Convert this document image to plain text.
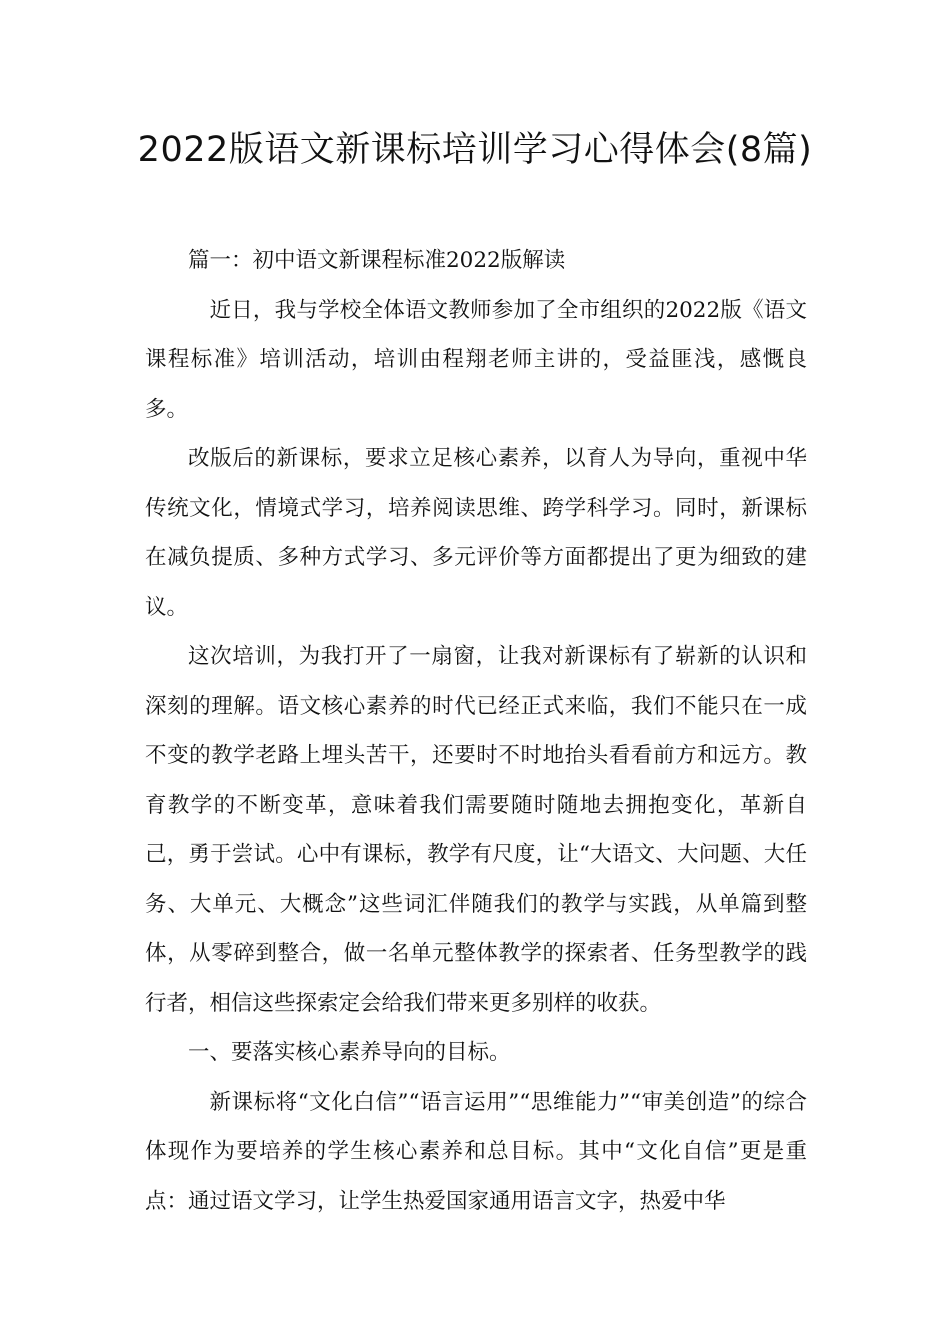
2022版语文新课标培训学习心得体会(8篇)

篇一：初中语文新课程标准2022版解读

近日，我与学校全体语文教师参加了全市组织的2022版《语文课程标准》培训活动，培训由程翔老师主讲的，受益匪浅，感慨良多。

改版后的新课标，要求立足核心素养，以育人为导向，重视中华传统文化，情境式学习，培养阅读思维、跨学科学习。同时，新课标在减负提质、多种方式学习、多元评价等方面都提出了更为细致的建议。

这次培训，为我打开了一扇窗，让我对新课标有了崭新的认识和深刻的理解。语文核心素养的时代已经正式来临，我们不能只在一成不变的教学老路上埋头苦干，还要时不时地抬头看看前方和远方。教育教学的不断变革，意味着我们需要随时随地去拥抱变化，革新自己，勇于尝试。心中有课标，教学有尺度，让“大语文、大问题、大任务、大单元、大概念”这些词汇伴随我们的教学与实践，从单篇到整体，从零碎到整合，做一名单元整体教学的探索者、任务型教学的践行者，相信这些探索定会给我们带来更多别样的收获。

一、要落实核心素养导向的目标。

新课标将“文化白信”“语言运用”“思维能力”“审美创造”的综合体现作为要培养的学生核心素养和总目标。其中“文化自信”更是重点：通过语文学习，让学生热爱国家通用语言文字，热爱中华
